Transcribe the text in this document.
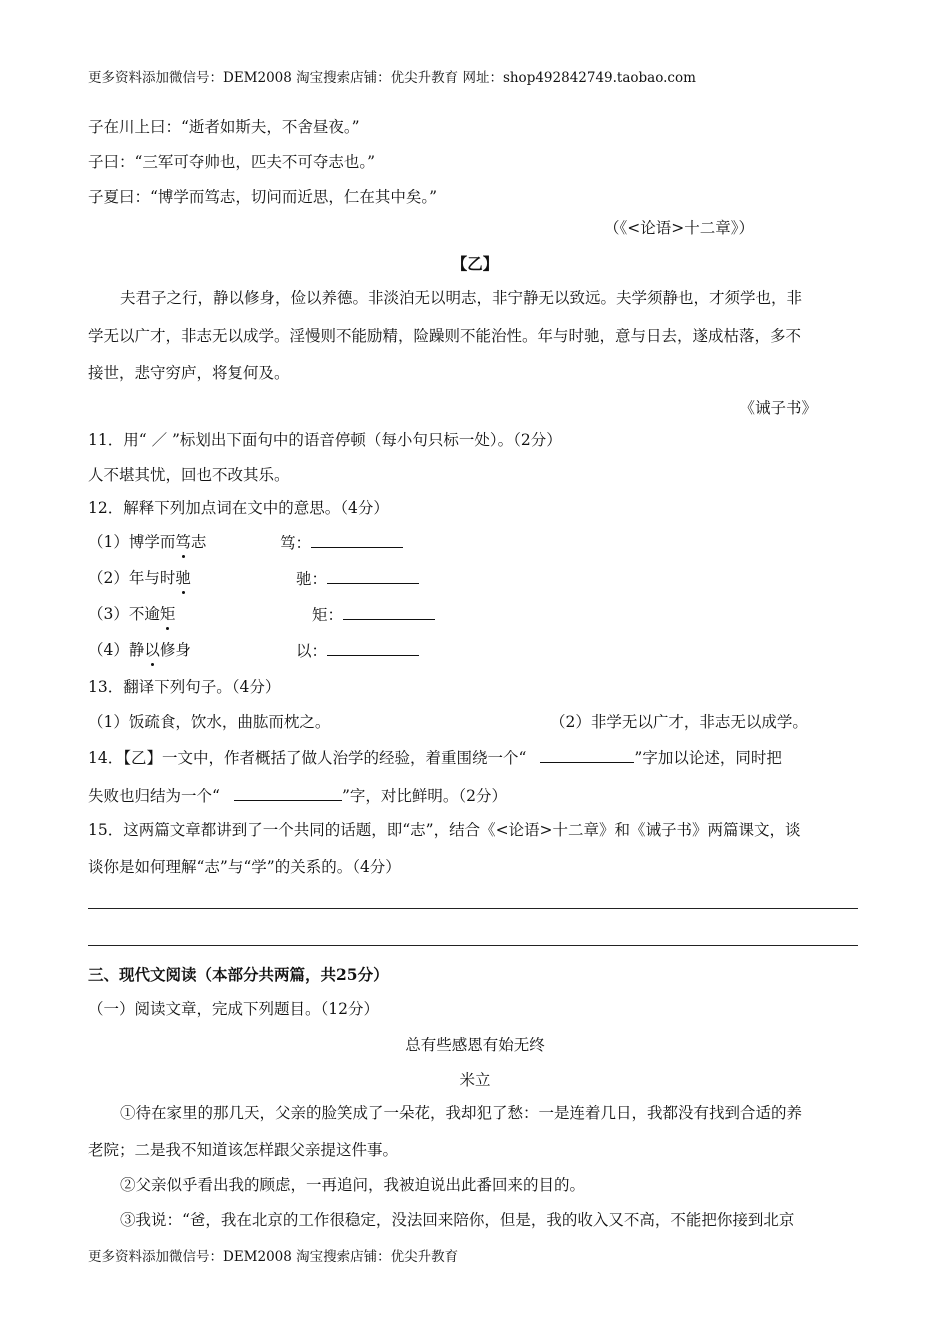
更多资料添加微信号：DEM2008 淘宝搜索店铺：优尖升教育 网址：shop492842749.taobao.com
子在川上曰：“逝者如斯夫，不舍昼夜。”
子曰：“三军可夺帅也，匹夫不可夺志也。”
子夏曰：“博学而笃志，切问而近思，仁在其中矣。”
（《<论语>十二章》）
【乙】
夫君子之行，静以修身，俭以养德。非淡泊无以明志，非宁静无以致远。夫学须静也，才须学也，非
学无以广才，非志无以成学。淫慢则不能励精，险躁则不能治性。年与时驰，意与日去，遂成枯落，多不
接世，悲守穷庐，将复何及。
《诫子书》
11．用“ ／ ”标划出下面句中的语音停顿（每小句只标一处）。（2分）
人不堪其忧，回也不改其乐。
12．解释下列加点词在文中的意思。（4分）
（1）博学而笃志	笃：
（2）年与时驰	驰：
（3）不逾矩	矩：
（4）静以修身	以：
13．翻译下列句子。（4分）
（1）饭疏食，饮水，曲肱而枕之。	（2）非学无以广才，非志无以成学。
14．【乙】一文中，作者概括了做人治学的经验，着重围绕一个“	”字加以论述，同时把
失败也归结为一个“	”字，对比鲜明。（2分）
15．这两篇文章都讲到了一个共同的话题，即“志”，结合《<论语>十二章》和《诫子书》两篇课文，谈
谈你是如何理解“志”与“学”的关系的。（4分）
三、现代文阅读（本部分共两篇，共25分）
（一）阅读文章，完成下列题目。（12分）
总有些感恩有始无终
米立
①待在家里的那几天，父亲的脸笑成了一朵花，我却犯了愁：一是连着几日，我都没有找到合适的养
老院；二是我不知道该怎样跟父亲提这件事。
②父亲似乎看出我的顾虑，一再追问，我被迫说出此番回来的目的。
③我说：“爸，我在北京的工作很稳定，没法回来陪你，但是，我的收入又不高，不能把你接到北京
更多资料添加微信号：DEM2008 淘宝搜索店铺：优尖升教育
